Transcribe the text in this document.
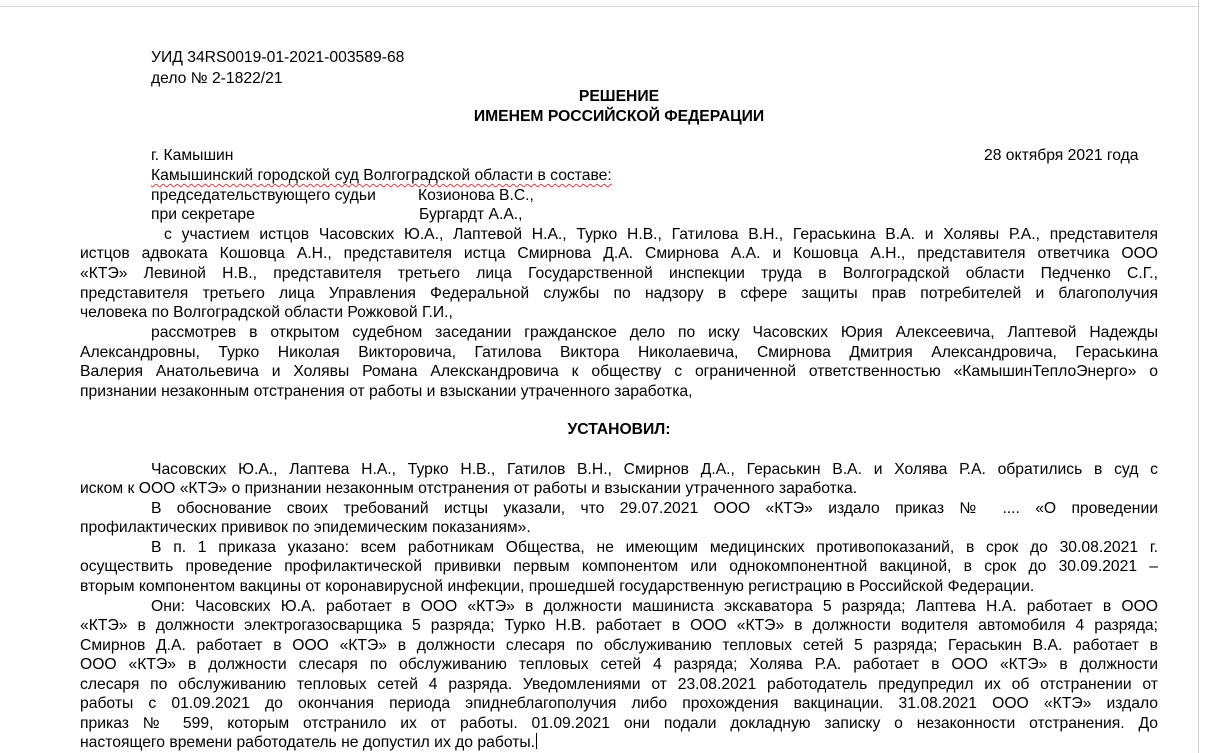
УИД 34RS0019-01-2021-003589-68
дело № 2-1822/21
РЕШЕНИЕ
ИМЕНЕМ РОССИЙСКОЙ ФЕДЕРАЦИИ
г. Камышин	28 октября 2021 года
Камышинский городской суд Волгоградской области в составе:
председательствующего судьи	Козионова В.С.,
при секретаре	Бургардт А.А.,
с участием истцов Часовских Ю.А., Лаптевой Н.А., Турко Н.В., Гатилова В.Н., Гераськина В.А. и Холявы Р.А., представителя
истцов адвоката Кошовца А.Н., представителя истца Смирнова Д.А. Смирнова А.А. и Кошовца А.Н., представителя ответчика ООО
«КТЭ» Левиной Н.В., представителя третьего лица Государственной инспекции труда в Волгоградской области Педченко С.Г.,
представителя третьего лица Управления Федеральной службы по надзору в сфере защиты прав потребителей и благополучия
человека по Волгоградской области Рожковой Г.И.,
рассмотрев в открытом судебном заседании гражданское дело по иску Часовских Юрия Алексеевича, Лаптевой Надежды
Александровны, Турко Николая Викторовича, Гатилова Виктора Николаевича, Смирнова Дмитрия Александровича, Гераськина
Валерия Анатольевича и Холявы Романа Алекскандровича к обществу с ограниченной ответственностью «КамышинТеплоЭнерго» о
признании незаконным отстранения от работы и взыскании утраченного заработка,
УСТАНОВИЛ:
Часовских Ю.А., Лаптева Н.А., Турко Н.В., Гатилов В.Н., Смирнов Д.А., Гераськин В.А. и Холява Р.А. обратились в суд с
иском к ООО «КТЭ» о признании незаконным отстранения от работы и взыскании утраченного заработка.
В обоснование своих требований истцы указали, что 29.07.2021 ООО «КТЭ» издало приказ № .... «О проведении
профилактических прививок по эпидемическим показаниям».
В п. 1 приказа указано: всем работникам Общества, не имеющим медицинских противопоказаний, в срок до 30.08.2021 г.
осуществить проведение профилактической прививки первым компонентом или однокомпонентной вакциной, в срок до 30.09.2021 –
вторым компонентом вакцины от коронавирусной инфекции, прошедшей государственную регистрацию в Российской Федерации.
Они: Часовских Ю.А. работает в ООО «КТЭ» в должности машиниста экскаватора 5 разряда; Лаптева Н.А. работает в ООО
«КТЭ» в должности электрогазосварщика 5 разряда; Турко Н.В. работает в ООО «КТЭ» в должности водителя автомобиля 4 разряда;
Смирнов Д.А. работает в ООО «КТЭ» в должности слесаря по обслуживанию тепловых сетей 5 разряда; Гераськин В.А. работает в
ООО «КТЭ» в должности слесаря по обслуживанию тепловых сетей 4 разряда; Холява Р.А. работает в ООО «КТЭ» в должности
слесаря по обслуживанию тепловых сетей 4 разряда. Уведомлениями от 23.08.2021 работодатель предупредил их об отстранении от
работы с 01.09.2021 до окончания периода эпиднеблагополучия либо прохождения вакцинации. 31.08.2021 ООО «КТЭ» издало
приказ № 599, которым отстранило их от работы. 01.09.2021 они подали докладную записку о незаконности отстранения. До
настоящего времени работодатель не допустил их до работы.
